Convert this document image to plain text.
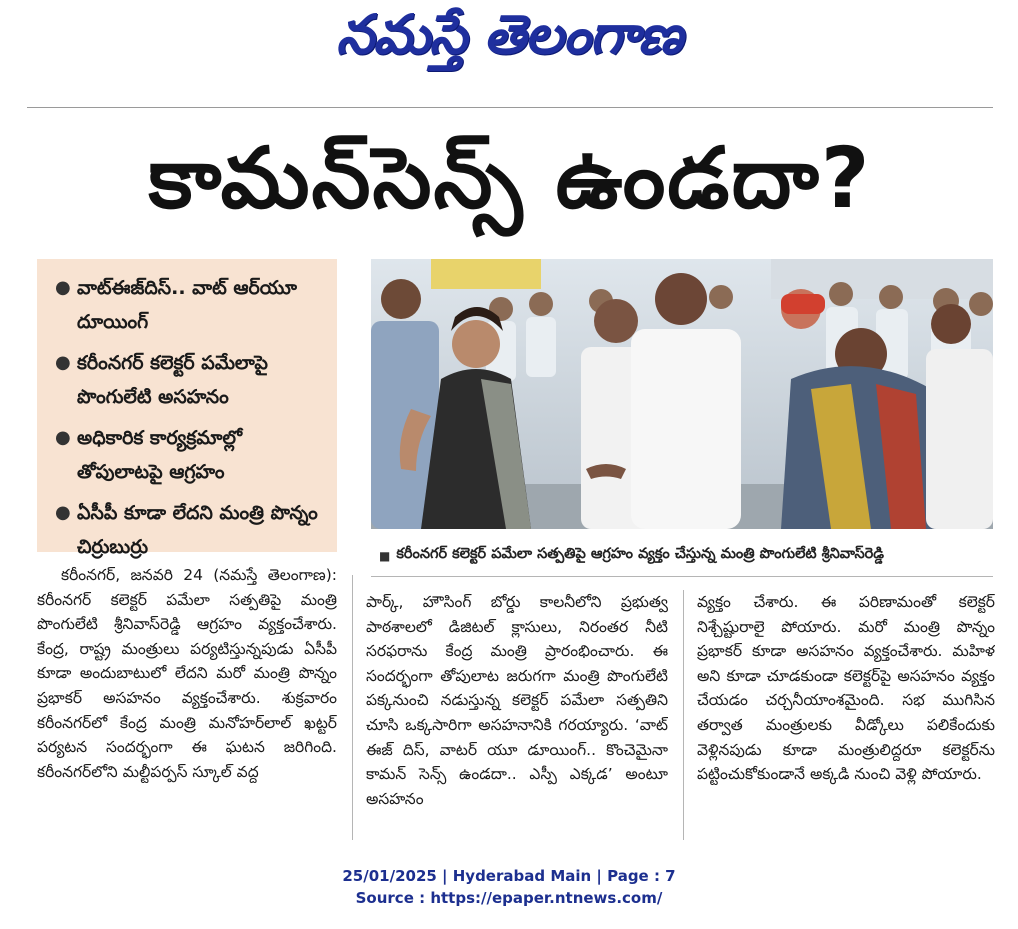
నమస్తే తెలంగాణ
కామన్‌సెన్స్‌ ఉండదా?
● వాట్‌ఈజ్‌దిస్‌.. వాట్‌ ఆర్‌యూ దూయింగ్‌
● కరీంనగర్‌ కలెక్టర్‌ పమేలాపై పొంగులేటి అసహనం
● అధికారిక కార్యక్రమాల్లో తోపులాటపై ఆగ్రహం
● ఏసీపీ కూడా లేదని మంత్రి పొన్నం చిర్రుబుర్రు	■ కరీంనగర్‌ కలెక్టర్‌ పమేలా సత్పతిపై ఆగ్రహం వ్యక్తం చేస్తున్న మంత్రి పొంగులేటి శ్రీనివాస్‌రెడ్డి

కరీంనగర్‌, జనవరి 24 (నమస్తే తెలంగాణ): కరీంనగర్‌ కలెక్టర్‌ పమేలా సత్పతిపై మంత్రి పొంగులేటి శ్రీనివాస్‌రెడ్డి ఆగ్రహం వ్యక్తంచేశారు. కేంద్ర, రాష్ట్ర మంత్రులు పర్యటిస్తున్నపుడు ఏసీపీ కూడా అందుబాటులో లేదని మరో మంత్రి పొన్నం ప్రభాకర్‌ అసహనం వ్యక్తంచేశారు. శుక్రవారం కరీంనగర్‌లో కేంద్ర మంత్రి మనోహర్‌లాల్‌ ఖట్టర్‌ పర్యటన సందర్భంగా ఈ ఘటన జరిగింది. కరీంనగర్‌లోని మల్టీపర్పస్‌ స్కూల్‌ వద్ద

పార్క్‌, హౌసింగ్‌ బోర్డు కాలనీలోని ప్రభుత్వ పాఠశాలలో డిజిటల్‌ క్లాసులు, నిరంతర నీటి సరఫరాను కేంద్ర మంత్రి ప్రారంభించారు. ఈ సందర్భంగా తోపులాట జరుగగా మంత్రి పొంగులేటి పక్కనుంచి నడుస్తున్న కలెక్టర్‌ పమేలా సత్పతిని చూసి ఒక్కసారిగా అసహనానికి గరయ్యారు. ‘వాట్‌ ఈజ్‌ దిస్‌, వాటర్‌ యూ డూయింగ్‌.. కొంచెమైనా కామన్‌ సెన్స్‌ ఉండదా.. ఎస్పీ ఎక్కడ’ అంటూ అసహనం

వ్యక్తం చేశారు. ఈ పరిణామంతో కలెక్టర్‌ నిశ్చేష్టురాలై పోయారు. మరో మంత్రి పొన్నం ప్రభాకర్‌ కూడా అసహనం వ్యక్తంచేశారు. మహిళ అని కూడా చూడకుండా కలెక్టర్‌పై అసహనం వ్యక్తం చేయడం చర్చనీయాంశమైంది. సభ ముగిసిన తర్వాత మంత్రులకు వీడ్కోలు పలికేందుకు వెళ్లినపుడు కూడా మంత్రులిద్దరూ కలెక్టర్‌ను పట్టించుకోకుండానే అక్కడి నుంచి వెళ్లి పోయారు.

25/01/2025 | Hyderabad Main | Page : 7
Source : https://epaper.ntnews.com/
